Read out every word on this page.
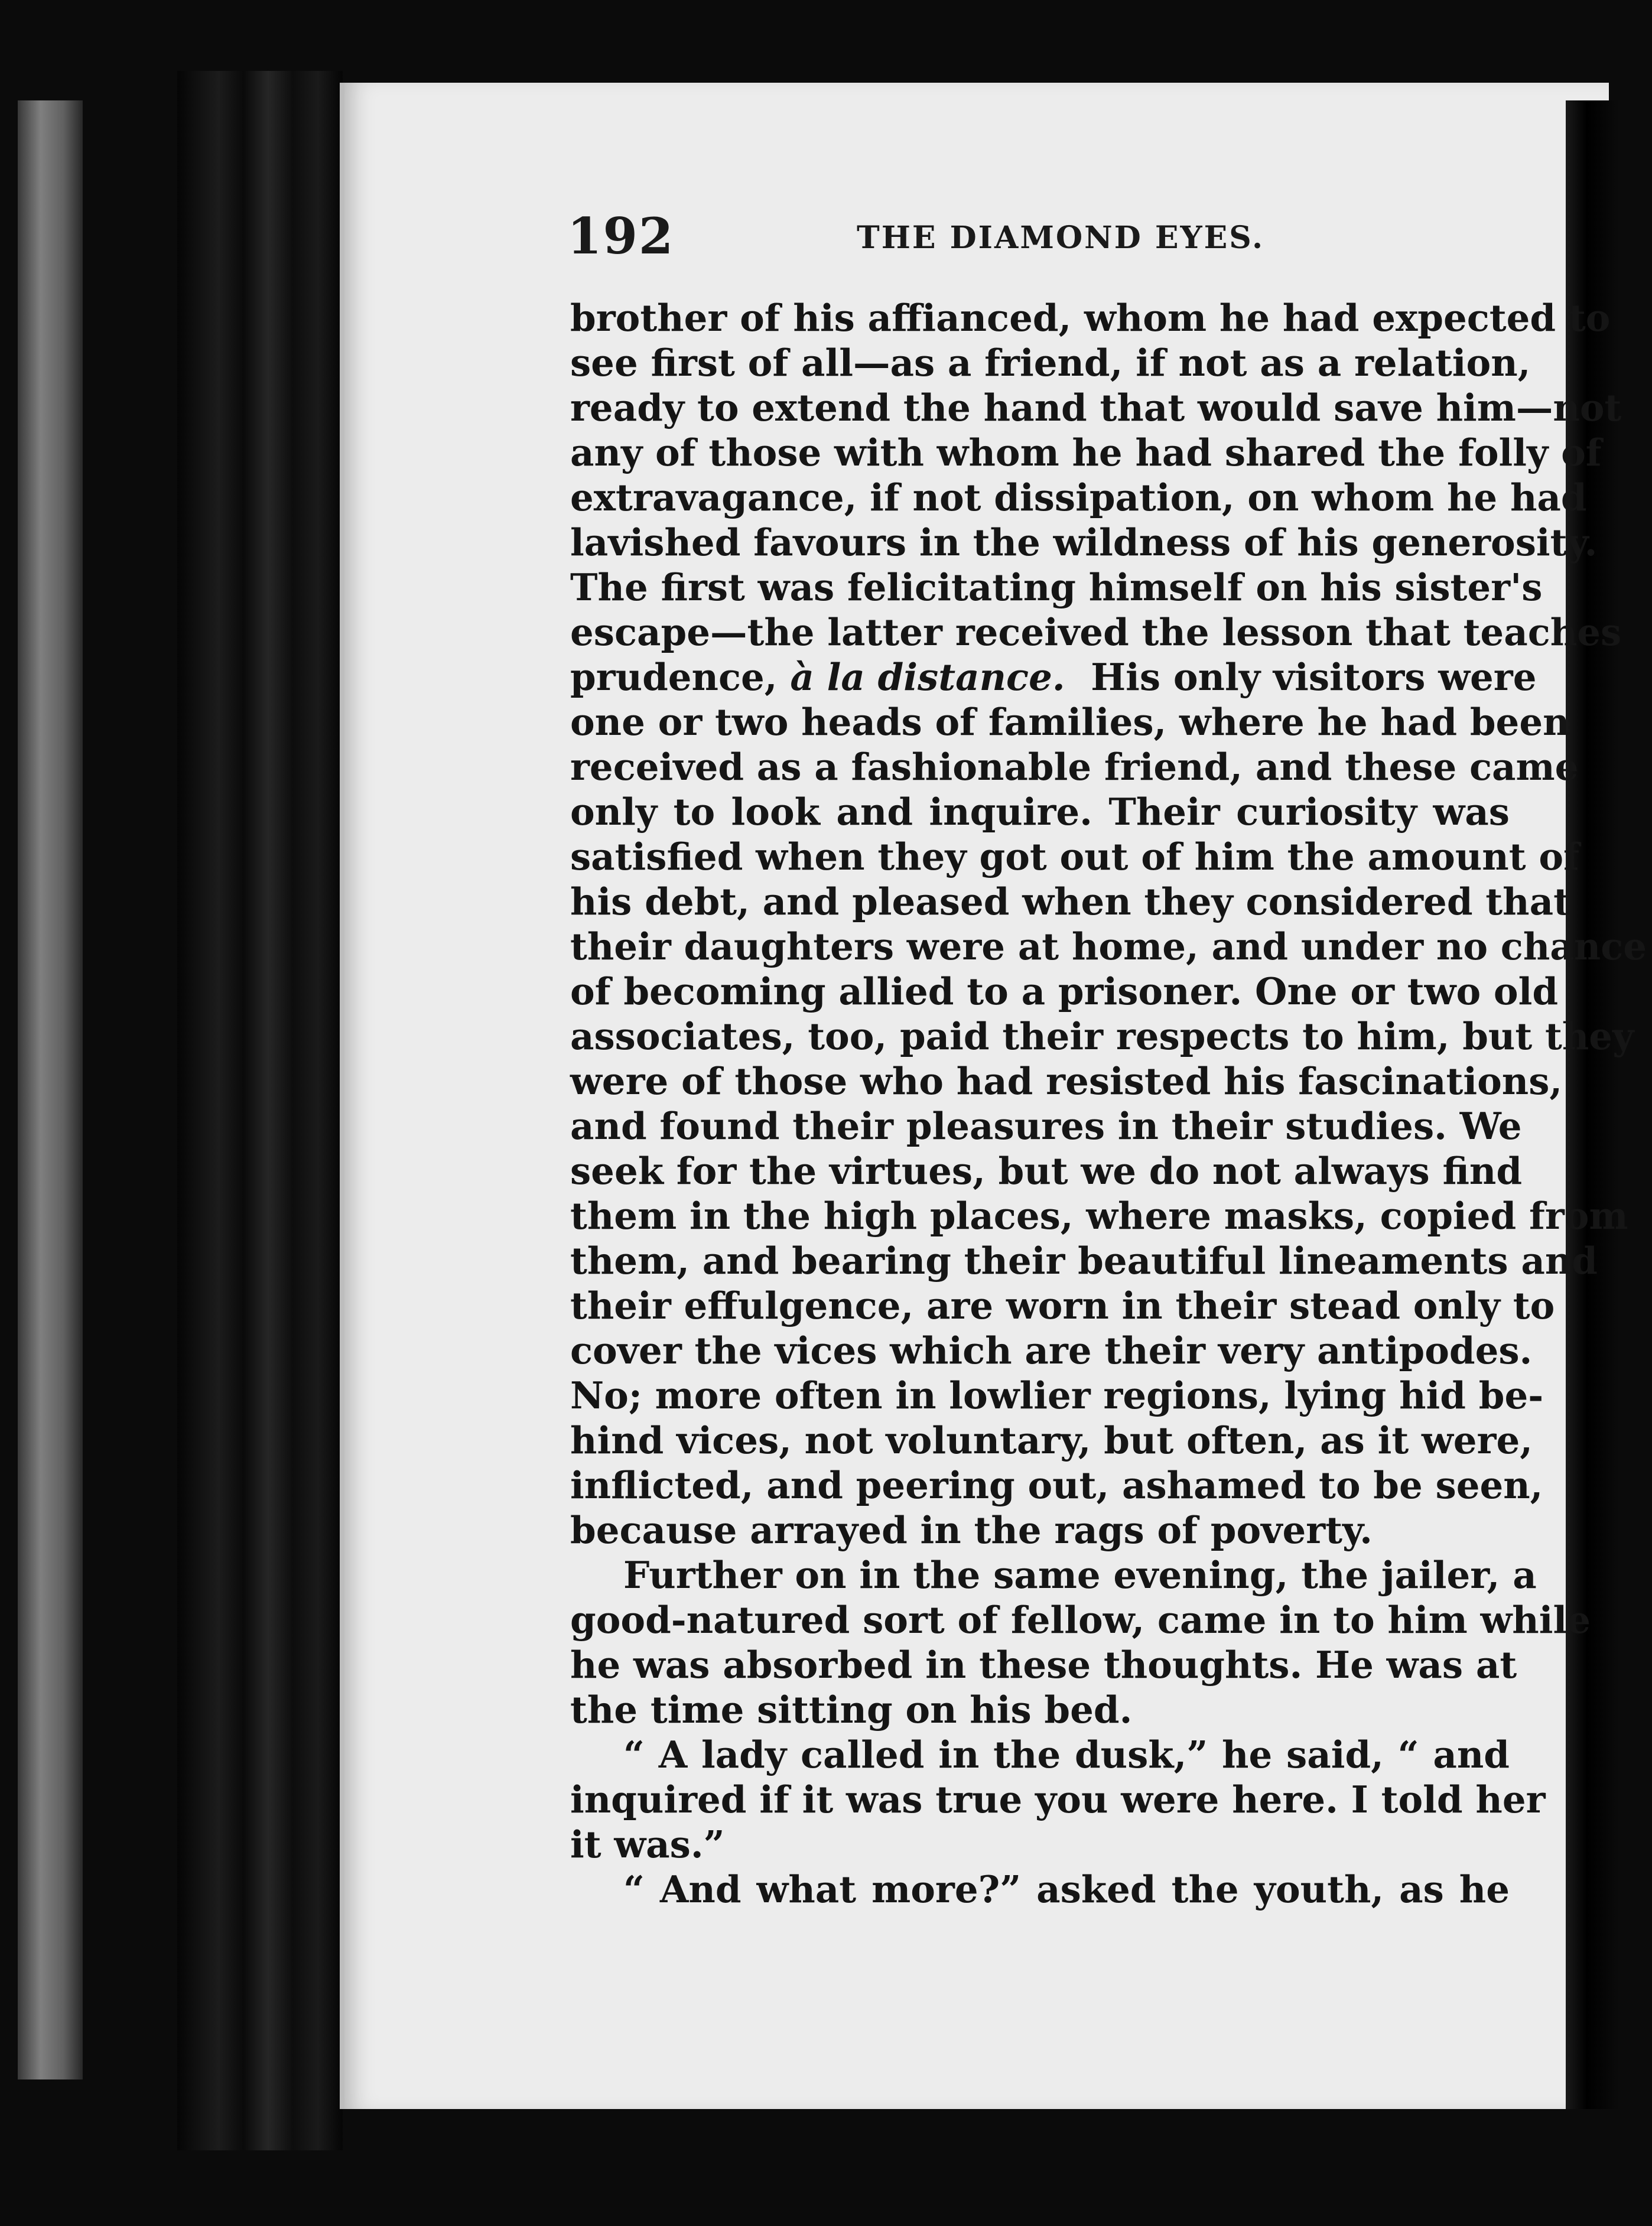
192	THE DIAMOND EYES.
brother of his affianced, whom he had expected to
see first of all—as a friend, if not as a relation,
ready to extend the hand that would save him—not
any of those with whom he had shared the folly of
extravagance, if not dissipation, on whom he had
lavished favours in the wildness of his generosity.
The first was felicitating himself on his sister's
escape—the latter received the lesson that teaches
prudence, à la distance.  His only visitors were
one or two heads of families, where he had been
received as a fashionable friend, and these came
only to look and inquire. Their curiosity was
satisfied when they got out of him the amount of
his debt, and pleased when they considered that
their daughters were at home, and under no chance
of becoming allied to a prisoner. One or two old
associates, too, paid their respects to him, but they
were of those who had resisted his fascinations,
and found their pleasures in their studies. We
seek for the virtues, but we do not always find
them in the high places, where masks, copied from
them, and bearing their beautiful lineaments and
their effulgence, are worn in their stead only to
cover the vices which are their very antipodes.
No; more often in lowlier regions, lying hid be-
hind vices, not voluntary, but often, as it were,
inflicted, and peering out, ashamed to be seen,
because arrayed in the rags of poverty.
Further on in the same evening, the jailer, a
good-natured sort of fellow, came in to him while
he was absorbed in these thoughts. He was at
the time sitting on his bed.
“ A lady called in the dusk,” he said, “ and
inquired if it was true you were here. I told her
it was.”
“ And what more?” asked the youth, as he
